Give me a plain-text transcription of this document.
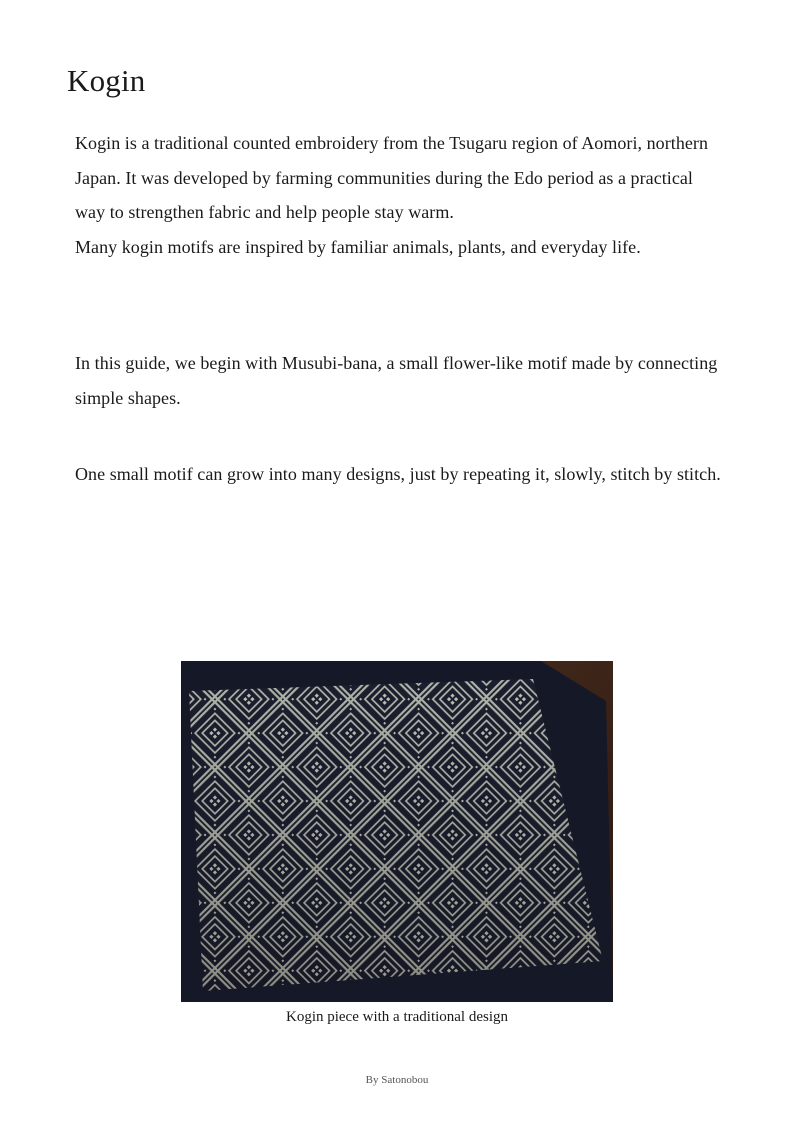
Kogin

Kogin is a traditional counted embroidery from the Tsugaru region of Aomori, northern Japan. It was developed by farming communities during the Edo period as a practical way to strengthen fabric and help people stay warm.
Many kogin motifs are inspired by familiar animals, plants, and everyday life.

In this guide, we begin with Musubi-bana, a small flower-like motif made by connecting simple shapes.

One small motif can grow into many designs, just by repeating it, slowly, stitch by stitch.

Kogin piece with a traditional design

By Satonobou
